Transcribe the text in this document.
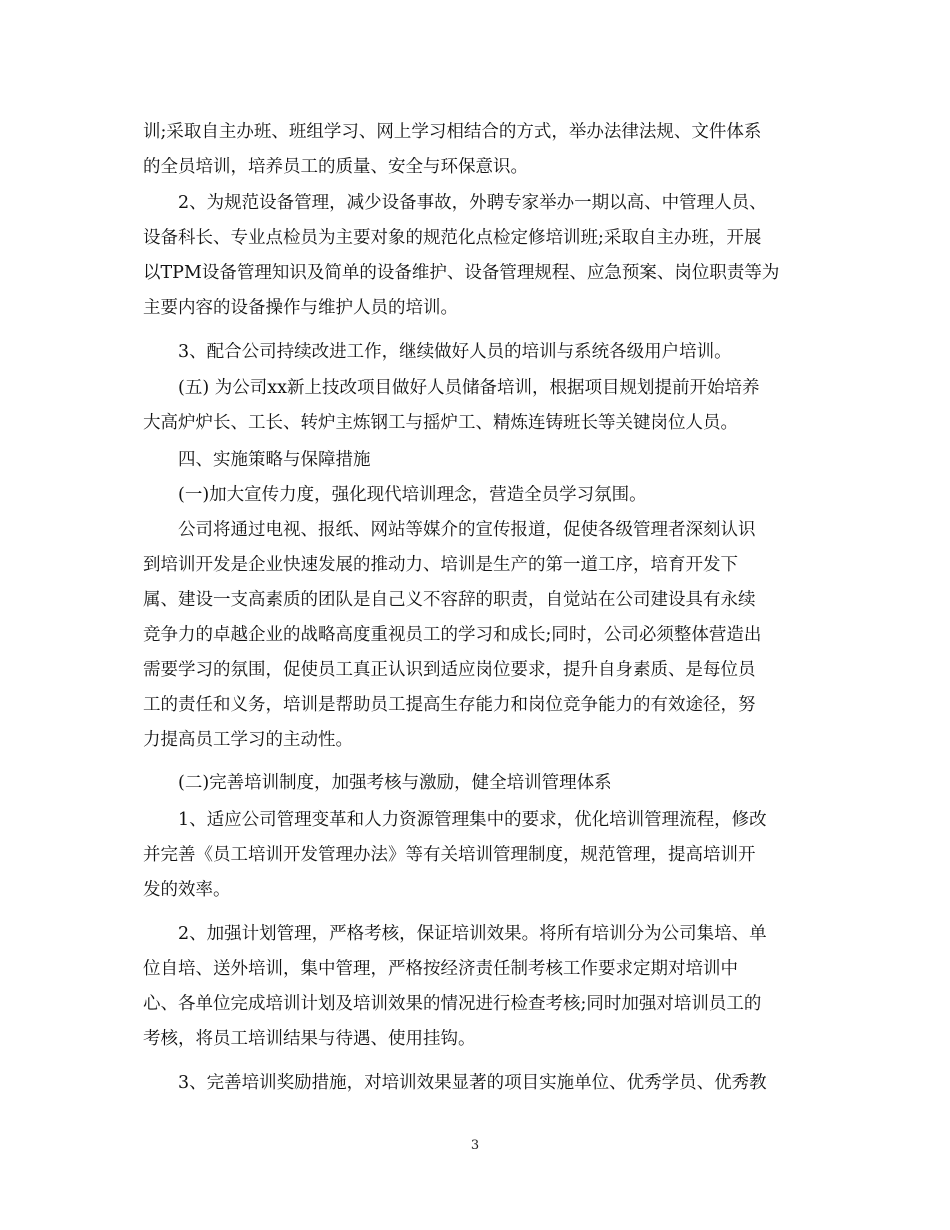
训;采取自主办班、班组学习、网上学习相结合的方式，举办法律法规、文件体系
的全员培训，培养员工的质量、安全与环保意识。
2、为规范设备管理，减少设备事故，外聘专家举办一期以高、中管理人员、
设备科长、专业点检员为主要对象的规范化点检定修培训班;采取自主办班，开展
以TPM设备管理知识及简单的设备维护、设备管理规程、应急预案、岗位职责等为
主要内容的设备操作与维护人员的培训。
3、配合公司持续改进工作，继续做好人员的培训与系统各级用户培训。
(五) 为公司xx新上技改项目做好人员储备培训，根据项目规划提前开始培养
大高炉炉长、工长、转炉主炼钢工与摇炉工、精炼连铸班长等关键岗位人员。
四、实施策略与保障措施
(一)加大宣传力度，强化现代培训理念，营造全员学习氛围。
公司将通过电视、报纸、网站等媒介的宣传报道，促使各级管理者深刻认识
到培训开发是企业快速发展的推动力、培训是生产的第一道工序，培育开发下
属、建设一支高素质的团队是自己义不容辞的职责，自觉站在公司建设具有永续
竞争力的卓越企业的战略高度重视员工的学习和成长;同时，公司必须整体营造出
需要学习的氛围，促使员工真正认识到适应岗位要求，提升自身素质、是每位员
工的责任和义务，培训是帮助员工提高生存能力和岗位竞争能力的有效途径，努
力提高员工学习的主动性。
(二)完善培训制度，加强考核与激励，健全培训管理体系
1、适应公司管理变革和人力资源管理集中的要求，优化培训管理流程，修改
并完善《员工培训开发管理办法》等有关培训管理制度，规范管理，提高培训开
发的效率。
2、加强计划管理，严格考核，保证培训效果。将所有培训分为公司集培、单
位自培、送外培训，集中管理，严格按经济责任制考核工作要求定期对培训中
心、各单位完成培训计划及培训效果的情况进行检查考核;同时加强对培训员工的
考核，将员工培训结果与待遇、使用挂钩。
3、完善培训奖励措施，对培训效果显著的项目实施单位、优秀学员、优秀教
3
